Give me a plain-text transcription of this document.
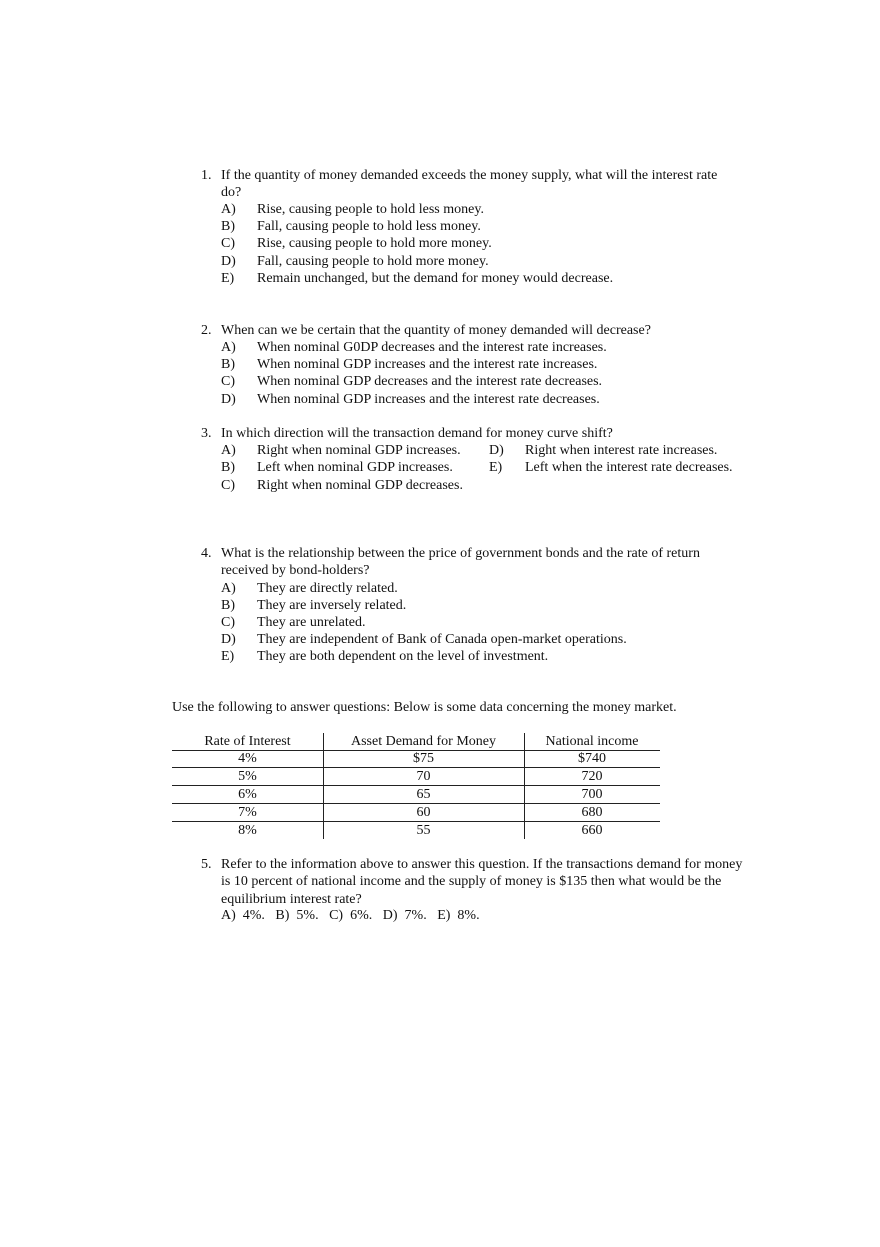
1. If the quantity of money demanded exceeds the money supply, what will the interest rate do?
A) Rise, causing people to hold less money.
B) Fall, causing people to hold less money.
C) Rise, causing people to hold more money.
D) Fall, causing people to hold more money.
E) Remain unchanged, but the demand for money would decrease.
2. When can we be certain that the quantity of money demanded will decrease?
A) When nominal G0DP decreases and the interest rate increases.
B) When nominal GDP increases and the interest rate increases.
C) When nominal GDP decreases and the interest rate decreases.
D) When nominal GDP increases and the interest rate decreases.
3. In which direction will the transaction demand for money curve shift?
A) Right when nominal GDP increases. D) Right when interest rate increases.
B) Left when nominal GDP increases.	E) Left when the interest rate decreases.
C) Right when nominal GDP decreases.
4. What is the relationship between the price of government bonds and the rate of return received by bond-holders?
A) They are directly related.
B) They are inversely related.
C) They are unrelated.
D) They are independent of Bank of Canada open-market operations.
E) They are both dependent on the level of investment.
Use the following to answer questions: Below is some data concerning the money market.
Rate of Interest	Asset Demand for Money	National income
4%	$75	$740
5%	70	720
6%	65	700
7%	60	680
8%	55	660
5. Refer to the information above to answer this question. If the transactions demand for money is 10 percent of national income and the supply of money is $135 then what would be the equilibrium interest rate?
A)  4%.   B)  5%.   C)  6%.   D)  7%.   E)  8%.
